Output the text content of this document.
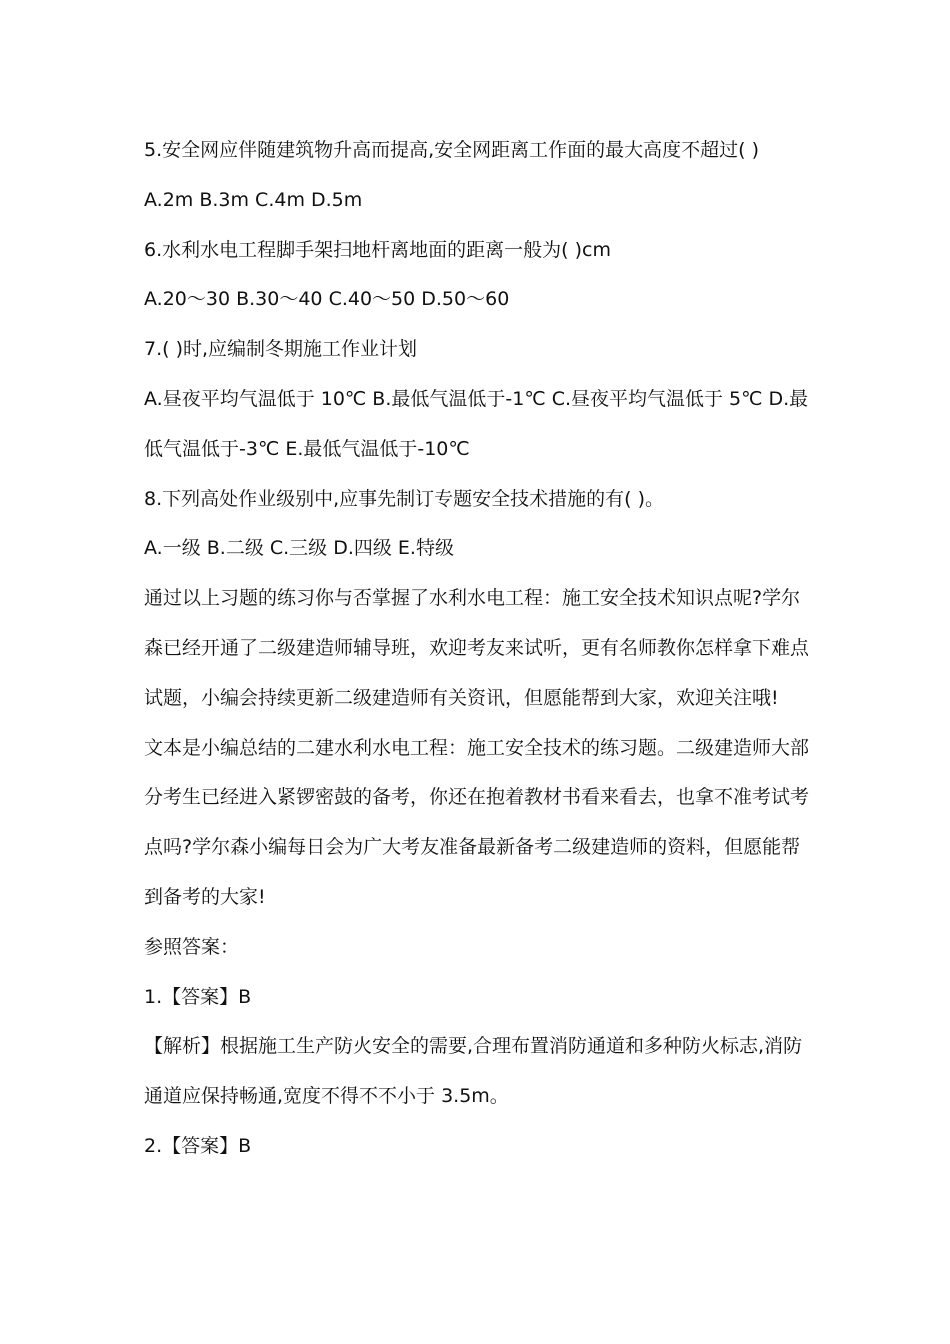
5.安全网应伴随建筑物升高而提高,安全网距离工作面的最大高度不超过( )

A.2m B.3m C.4m D.5m

6.水利水电工程脚手架扫地杆离地面的距离一般为( )cm

A.20～30 B.30～40 C.40～50 D.50～60

7.( )时,应编制冬期施工作业计划

A.昼夜平均气温低于 10℃ B.最低气温低于-1℃ C.昼夜平均气温低于 5℃ D.最低气温低于-3℃ E.最低气温低于-10℃

8.下列高处作业级别中,应事先制订专题安全技术措施的有( )。

A.一级 B.二级 C.三级 D.四级 E.特级

通过以上习题的练习你与否掌握了水利水电工程：施工安全技术知识点呢?学尔森已经开通了二级建造师辅导班，欢迎考友来试听，更有名师教你怎样拿下难点试题，小编会持续更新二级建造师有关资讯，但愿能帮到大家，欢迎关注哦!

文本是小编总结的二建水利水电工程：施工安全技术的练习题。二级建造师大部分考生已经进入紧锣密鼓的备考，你还在抱着教材书看来看去，也拿不准考试考点吗?学尔森小编每日会为广大考友准备最新备考二级建造师的资料，但愿能帮到备考的大家!

参照答案：

1.【答案】B

【解析】根据施工生产防火安全的需要,合理布置消防通道和多种防火标志,消防通道应保持畅通,宽度不得不不小于 3.5m。

2.【答案】B
